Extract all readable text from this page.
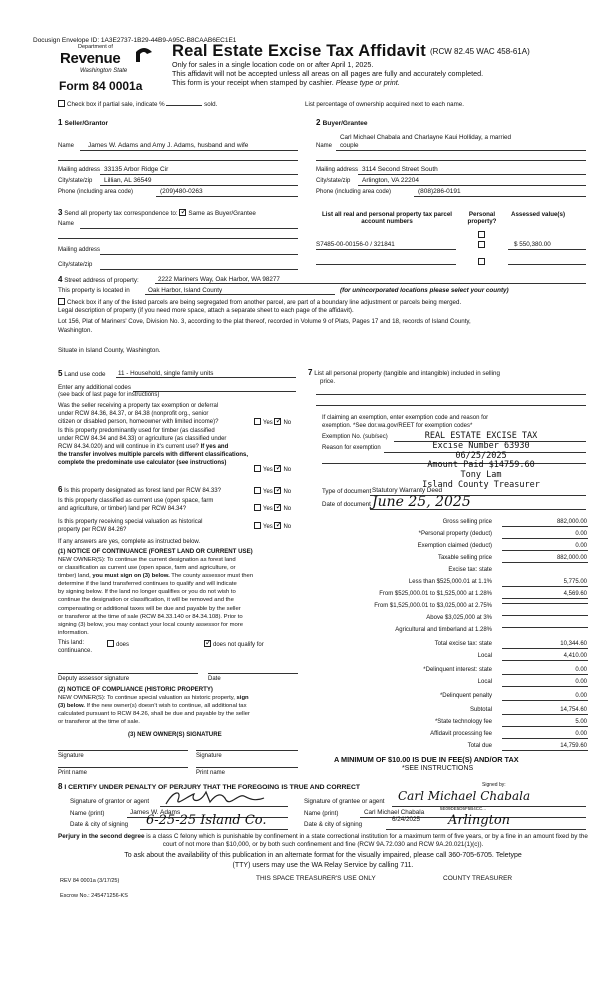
Docusign Envelope ID: 1A3E2737-1B29-44B9-A95C-B8CAAB6EC1E1
Department of
Revenue
Washington State
Form 84 0001a
Real Estate Excise Tax Affidavit (RCW 82.45 WAC 458-61A)
Only for sales in a single location code on or after April 1, 2025.
This affidavit will not be accepted unless all areas on all pages are fully and accurately completed.
This form is your receipt when stamped by cashier. Please type or print.
Check box if partial sale, indicate %	sold.	List percentage of ownership acquired next to each name.
1 Seller/Grantor
Name James W. Adams and Amy J. Adams, husband and wife
Mailing address 33135 Arbor Ridge Cir
City/state/zip Lillian, AL 36549
Phone (including area code)	(209)480-0263
2 Buyer/Grantee
Carl Michael Chabala and Charlayne Kaui Holliday, a married
Name couple
Mailing address 3114 Second Street South
City/state/zip Arlington, VA 22204
Phone (including area code)	(808)286-0191
3 Send all property tax correspondence to: ✓ Same as Buyer/Grantee
Name
Mailing address
City/state/zip
List all real and personal property tax parcel account numbers
Personal property?
Assessed value(s)
S7485-00-00156-0 / 321841	$ 550,380.00
4 Street address of property:	2222 Mariners Way, Oak Harbor, WA 98277
This property is located in	Oak Harbor, Island County	(for unincorporated locations please select your county)
Check box if any of the listed parcels are being segregated from another parcel, are part of a boundary line adjustment or parcels being merged.
Legal description of property (if you need more space, attach a separate sheet to each page of the affidavit).
Lot 156, Plat of Mariners' Cove, Division No. 3, according to the plat thereof, recorded in Volume 9 of Plats, Pages 17 and 18, records of Island County,
Washington.
Situate in Island County, Washington.
5 Land use code 11 - Household, single family units
Enter any additional codes
(see back of last page for instructions)
Was the seller receiving a property tax exemption or deferral
under RCW 84.36, 84.37, or 84.38 (nonprofit org., senior
citizen or disabled person, homeowner with limited income)?	Yes ✓ No
Is this property predominantly used for timber (as classified
under RCW 84.34 and 84.33) or agriculture (as classified under
RCW 84.34.020) and will continue in it's current use? If yes and
the transfer involves multiple parcels with different classifications,
complete the predominate use calculator (see instructions)
Yes ✓ No
6 Is this property designated as forest land per RCW 84.33?	Yes ✓ No
Is this property classified as current use (open space, farm
and agriculture, or timber) land per RCW 84.34?	Yes ✓ No
Is this property receiving special valuation as historical
property per RCW 84.26?	Yes ✓ No
If any answers are yes, complete as instructed below.
(1) NOTICE OF CONTINUANCE (FOREST LAND OR CURRENT USE)
NEW OWNER(S): To continue the current designation as forest land
or classification as current use (open space, farm and agriculture, or
timber) land, you must sign on (3) below. The county assessor must then
determine if the land transferred continues to qualify and will indicate
by signing below. If the land no longer qualifies or you do not wish to
continue the designation or classification, it will be removed and the
compensating or additional taxes will be due and payable by the seller
or transferor at the time of sale (RCW 84.33.140 or 84.34.108). Prior to
signing (3) below, you may contact your local county assessor for more
information.
This land:
continuance.
does ✓	does not qualify for
Deputy assessor signature	Date
(2) NOTICE OF COMPLIANCE (HISTORIC PROPERTY)
NEW OWNER(S): To continue special valuation as historic property, sign
(3) below. If the new owner(s) doesn't wish to continue, all additional tax
calculated pursuant to RCW 84.26, shall be due and payable by the seller
or transferor at the time of sale.
(3) NEW OWNER(S) SIGNATURE
Signature	Signature
Print name	Print name
7 List all personal property (tangible and intangible) included in selling
price.
If claiming an exemption, enter exemption code and reason for
exemption. *See dor.wa.gov/REET for exemption codes*
Exemption No. (sub/sec)
Reason for exemption
REAL ESTATE EXCISE TAX
Excise Number 63930
06/25/2025
Amount Paid $14759.60
Tony Lam
Island County Treasurer
Type of document Statutory Warranty Deed
Date of document June 25, 2025
Gross selling price	882,000.00
*Personal property (deduct)	0.00
Exemption claimed (deduct)	0.00
Taxable selling price	882,000.00
Excise tax: state
Less than $525,000.01 at 1.1%	5,775.00
From $525,000.01 to $1,525,000 at 1.28%	4,569.60
From $1,525,000.01 to $3,025,000 at 2.75%
Above $3,025,000 at 3%
Agricultural and timberland at 1.28%
Total excise tax: state	10,344.60
Local	4,410.00
*Delinquent interest: state	0.00
Local	0.00
*Delinquent penalty	0.00
Subtotal	14,754.60
*State technology fee	5.00
Affidavit processing fee	0.00
Total due	14,759.60
A MINIMUM OF $10.00 IS DUE IN FEE(S) AND/OR TAX
*SEE INSTRUCTIONS
8 I CERTIFY UNDER PENALTY OF PERJURY THAT THE FOREGOING IS TRUE AND CORRECT
Signature of grantor or agent
Name (print)	James W. Adams
Date & city of signing 6-25-25 Island Co.
Signed by:
Signature of grantee or agent Carl Michael Chabala
Name (print)	Carl Michael Chabala
5E09DE5D5F5B4CC...
Date & city of signing
6/24/2025 Arlington
Perjury in the second degree is a class C felony which is punishable by confinement in a state correctional institution for a maximum term of five years, or by a fine in an amount fixed by the court of not more than $10,000, or by both such confinement and fine (RCW 9A.72.030 and RCW 9A.20.021(1)(c)).
To ask about the availability of this publication in an alternate format for the visually impaired, please call 360-705-6705. Teletype
(TTY) users may use the WA Relay Service by calling 711.
REV 84 0001a (3/17/25)	THIS SPACE TREASURER'S USE ONLY	COUNTY TREASURER
Escrow No.: 245471256-KS
